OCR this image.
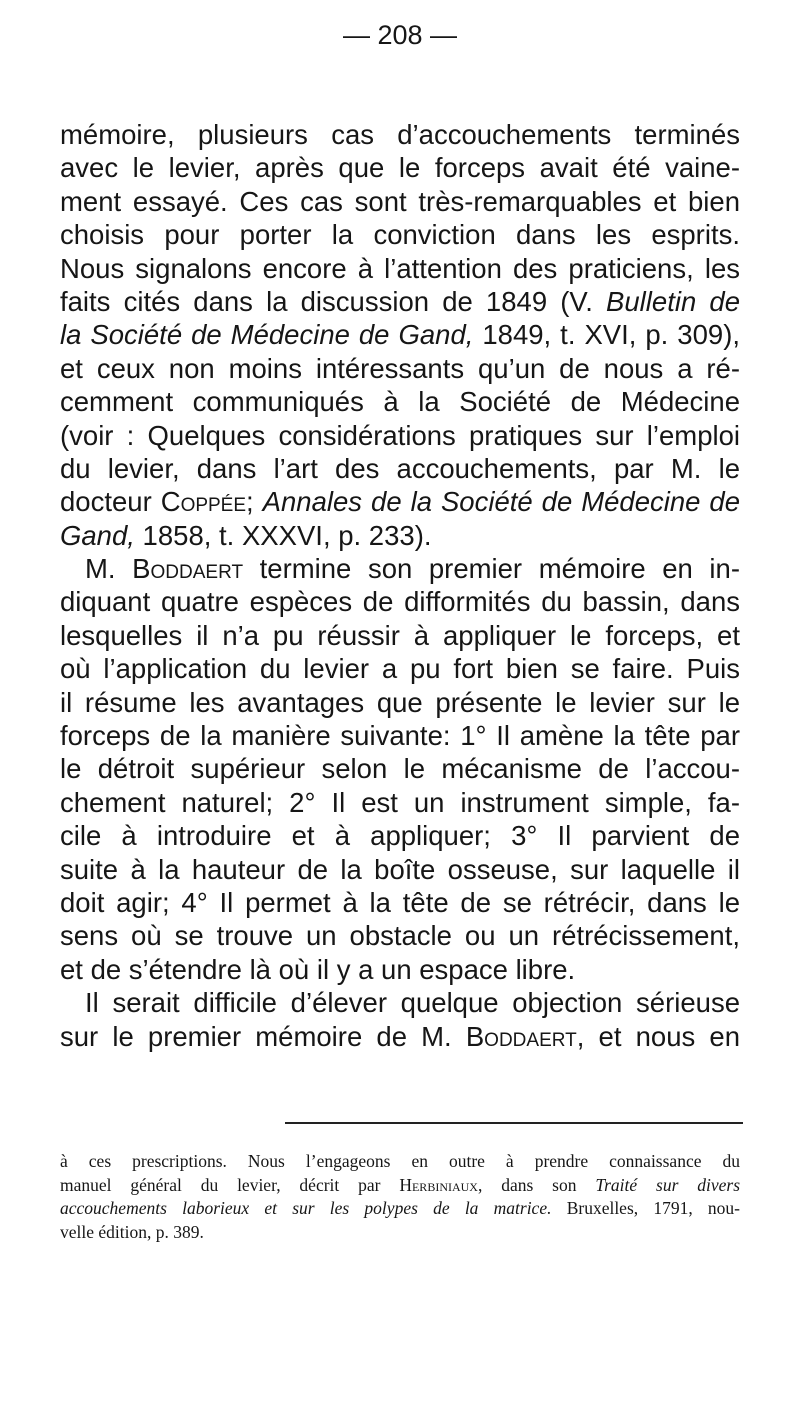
— 208 —
mémoire, plusieurs cas d’accouchements terminés
avec le levier, après que le forceps avait été vaine-
ment essayé. Ces cas sont très-remarquables et bien
choisis pour porter la conviction dans les esprits.
Nous signalons encore à l’attention des praticiens, les
faits cités dans la discussion de 1849 (V. Bulletin de
la Société de Médecine de Gand, 1849, t. XVI, p. 309),
et ceux non moins intéressants qu’un de nous a ré-
cemment communiqués à la Société de Médecine
(voir : Quelques considérations pratiques sur l’emploi
du levier, dans l’art des accouchements, par M. le
docteur Coppée; Annales de la Société de Médecine de
Gand, 1858, t. XXXVI, p. 233).
M. Boddaert termine son premier mémoire en in-
diquant quatre espèces de difformités du bassin, dans
lesquelles il n’a pu réussir à appliquer le forceps, et
où l’application du levier a pu fort bien se faire. Puis
il résume les avantages que présente le levier sur le
forceps de la manière suivante: 1° Il amène la tête par
le détroit supérieur selon le mécanisme de l’accou-
chement naturel; 2° Il est un instrument simple, fa-
cile à introduire et à appliquer; 3° Il parvient de
suite à la hauteur de la boîte osseuse, sur laquelle il
doit agir; 4° Il permet à la tête de se rétrécir, dans le
sens où se trouve un obstacle ou un rétrécissement,
et de s’étendre là où il y a un espace libre.
Il serait difficile d’élever quelque objection sérieuse
sur le premier mémoire de M. Boddaert, et nous en
à ces prescriptions. Nous l’engageons en outre à prendre connaissance du
manuel général du levier, décrit par Herbiniaux, dans son Traité sur divers
accouchements laborieux et sur les polypes de la matrice. Bruxelles, 1791, nou-
velle édition, p. 389.
